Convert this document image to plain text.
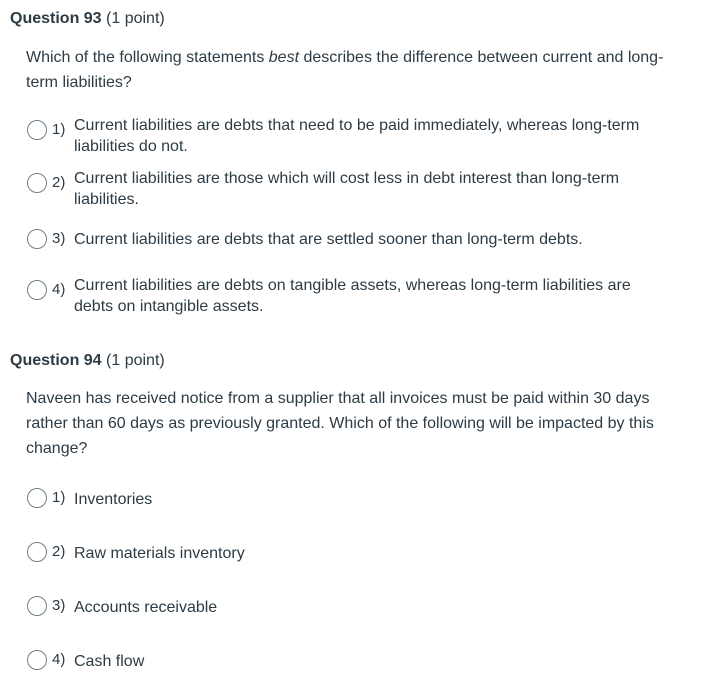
Question 93 (1 point)
Which of the following statements best describes the difference between current and long-term liabilities?
1) Current liabilities are debts that need to be paid immediately, whereas long-term liabilities do not.
2) Current liabilities are those which will cost less in debt interest than long-term liabilities.
3) Current liabilities are debts that are settled sooner than long-term debts.
4) Current liabilities are debts on tangible assets, whereas long-term liabilities are debts on intangible assets.
Question 94 (1 point)
Naveen has received notice from a supplier that all invoices must be paid within 30 days rather than 60 days as previously granted. Which of the following will be impacted by this change?
1) Inventories
2) Raw materials inventory
3) Accounts receivable
4) Cash flow
